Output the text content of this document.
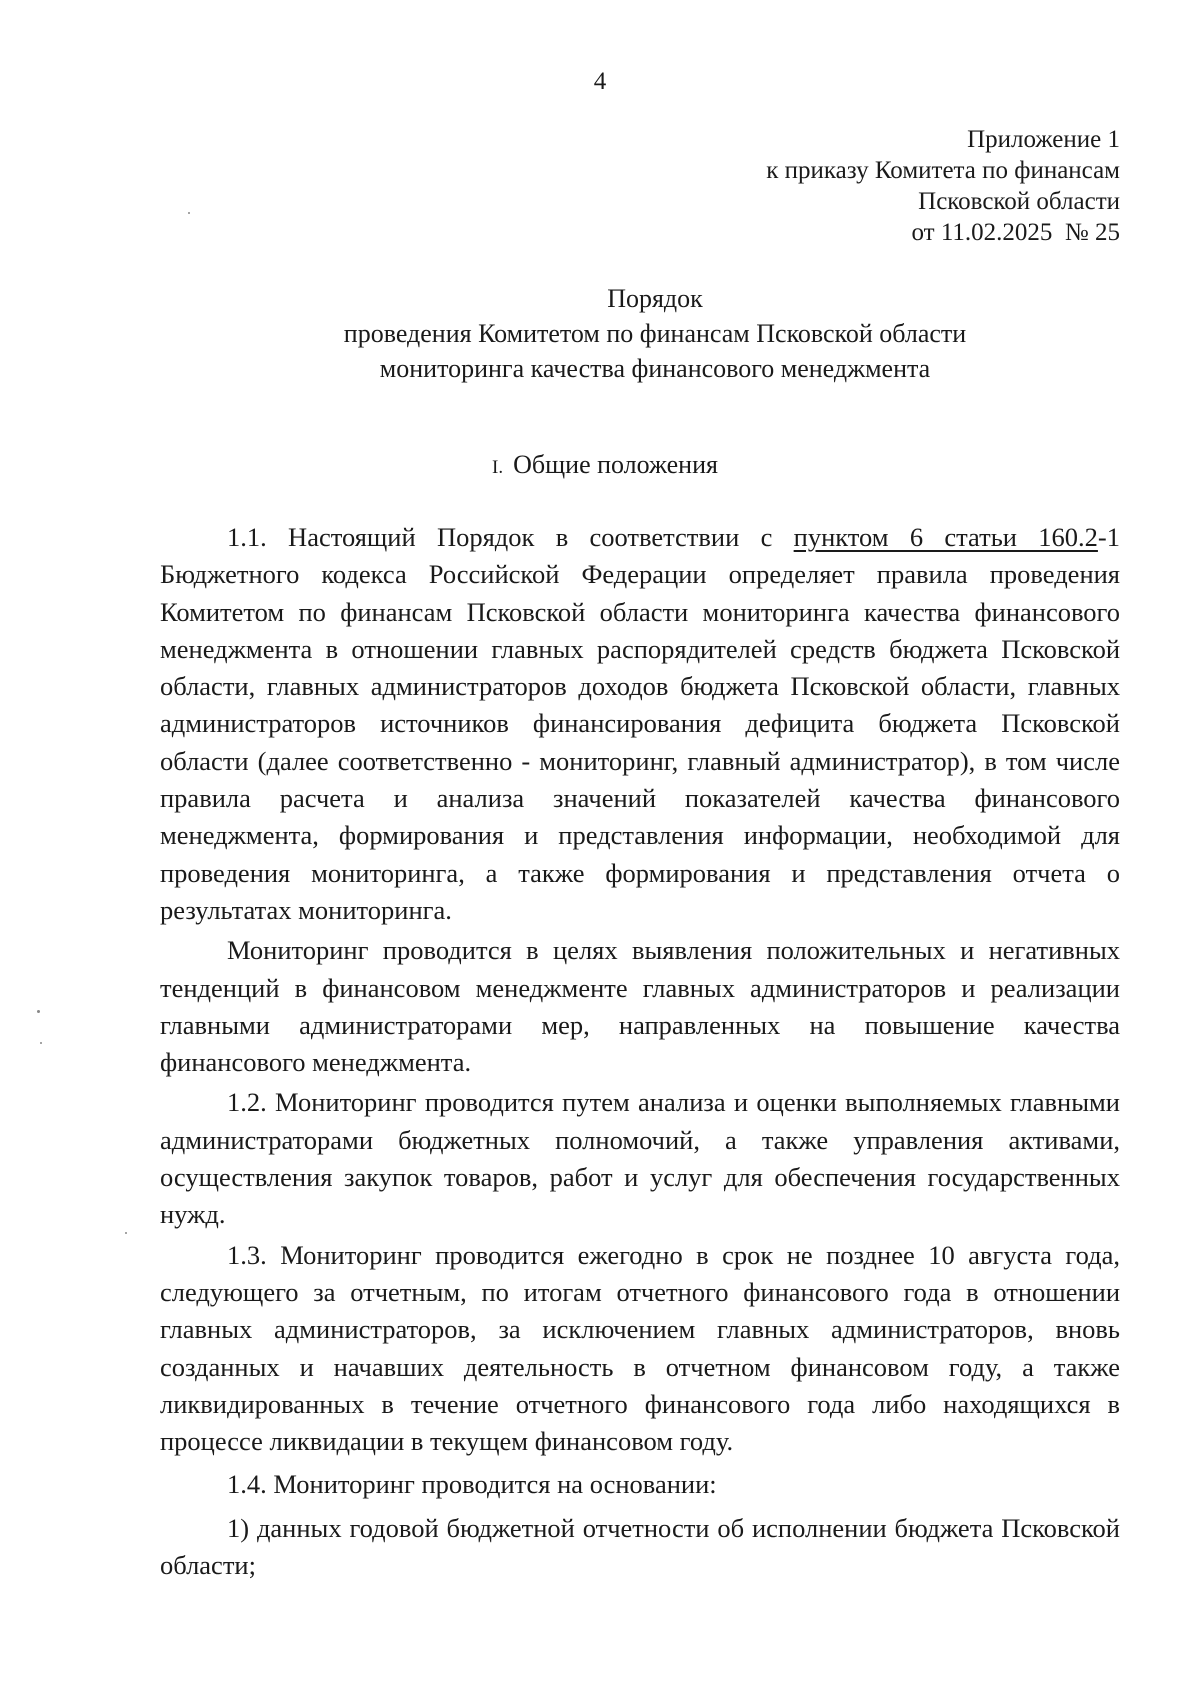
4
Приложение 1
к приказу Комитета по финансам
Псковской области
от 11.02.2025  № 25
Порядок
проведения Комитетом по финансам Псковской области
мониторинга качества финансового менеджмента
I. Общие положения

1.1. Настоящий Порядок в соответствии с пунктом 6 статьи 160.2-1 Бюджетного кодекса Российской Федерации определяет правила проведения Комитетом по финансам Псковской области мониторинга качества финансового менеджмента в отношении главных распорядителей средств бюджета Псковской области, главных администраторов доходов бюджета Псковской области, главных администраторов источников финансирования дефицита бюджета Псковской области (далее соответственно - мониторинг, главный администратор), в том числе правила расчета и анализа значений показателей качества финансового менеджмента, формирования и представления информации, необходимой для проведения мониторинга, а также формирования и представления отчета о результатах мониторинга.

Мониторинг проводится в целях выявления положительных и негативных тенденций в финансовом менеджменте главных администраторов и реализации главными администраторами мер, направленных на повышение качества финансового менеджмента.

1.2. Мониторинг проводится путем анализа и оценки выполняемых главными администраторами бюджетных полномочий, а также управления активами, осуществления закупок товаров, работ и услуг для обеспечения государственных нужд.

1.3. Мониторинг проводится ежегодно в срок не позднее 10 августа года, следующего за отчетным, по итогам отчетного финансового года в отношении главных администраторов, за исключением главных администраторов, вновь созданных и начавших деятельность в отчетном финансовом году, а также ликвидированных в течение отчетного финансового года либо находящихся в процессе ликвидации в текущем финансовом году.

1.4. Мониторинг проводится на основании:

1) данных годовой бюджетной отчетности об исполнении бюджета Псковской области;
